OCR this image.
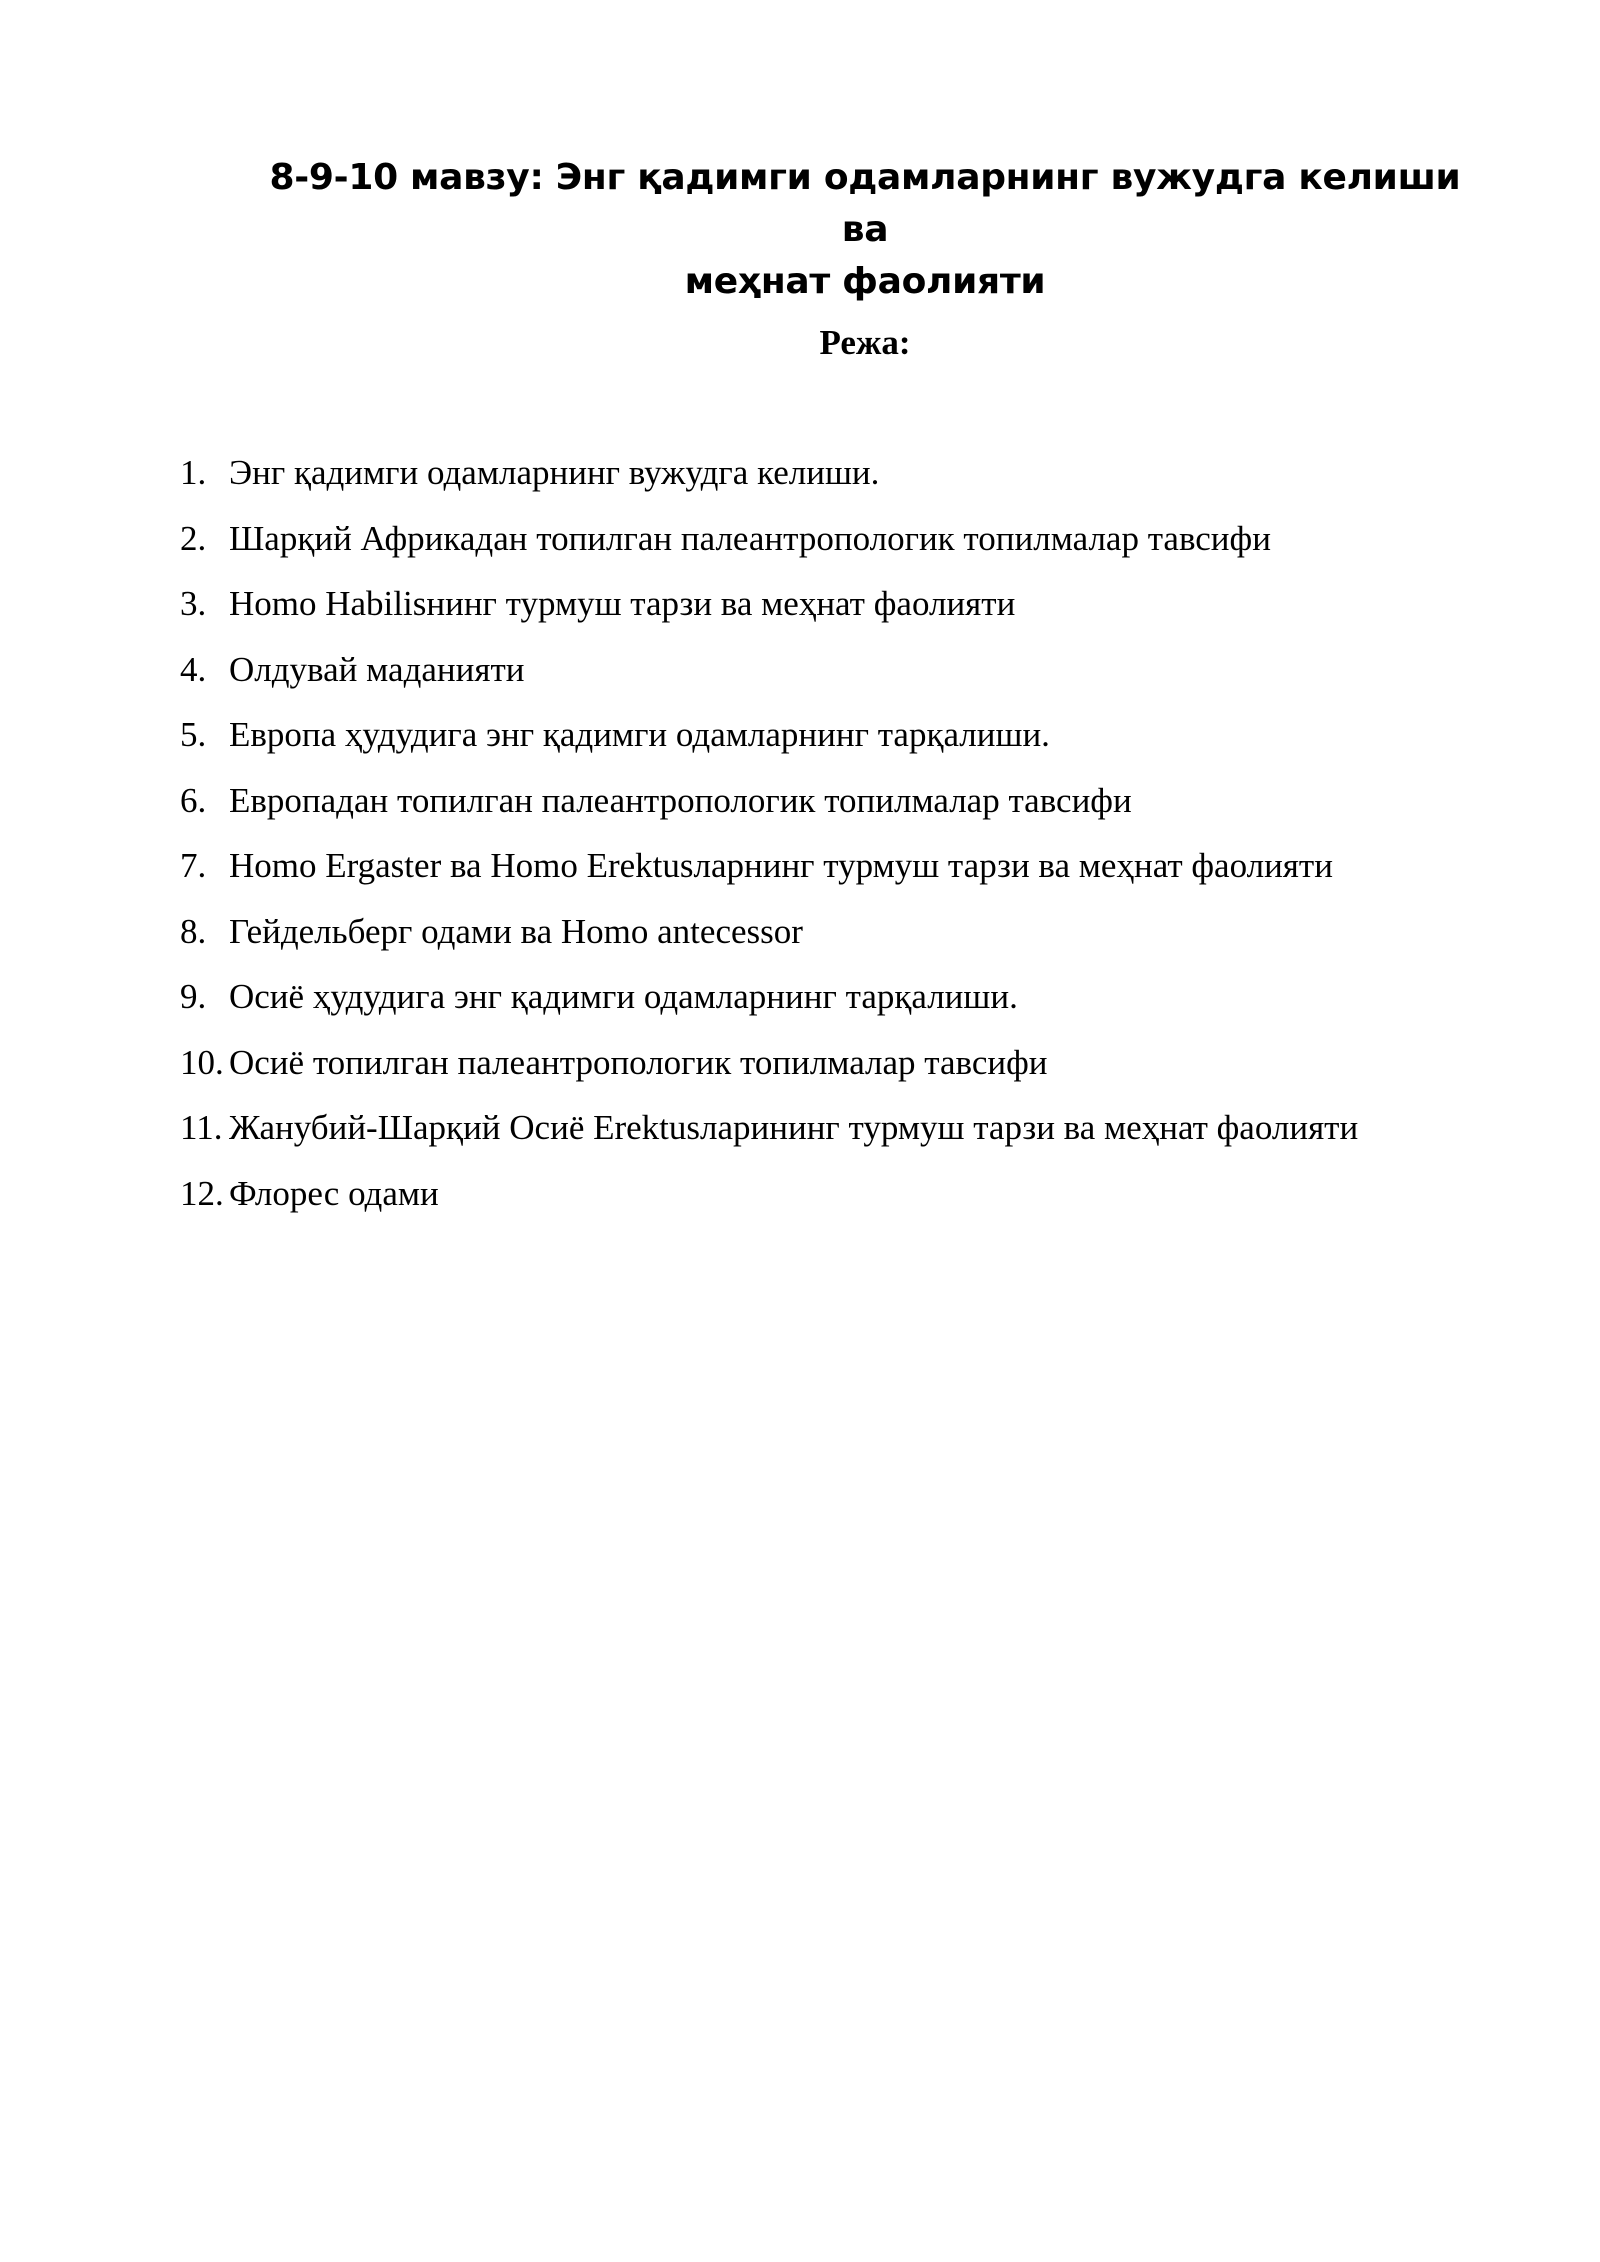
8-9-10 мавзу: Энг қадимги одамларнинг вужудга келиши ва
меҳнат фаолияти
Режа:
1. Энг қадимги одамларнинг вужудга келиши.
2. Шарқий Африкадан топилган палеантропологик топилмалар тавсифи
3. Homo Habilisнинг турмуш тарзи ва меҳнат фаолияти
4. Олдувай маданияти
5. Европа ҳудудига энг қадимги одамларнинг тарқалиши.
6. Европадан топилган палеантропологик топилмалар тавсифи
7. Homo Ergaster ва Homo Erektusларнинг турмуш тарзи ва меҳнат фаолияти
8. Гейдельберг одами ва Homo antecessor
9. Осиё ҳудудига энг қадимги одамларнинг тарқалиши.
10. Осиё топилган палеантропологик топилмалар тавсифи
11. Жанубий-Шарқий Осиё Erektusларининг турмуш тарзи ва меҳнат фаолияти
12. Флорес одами
